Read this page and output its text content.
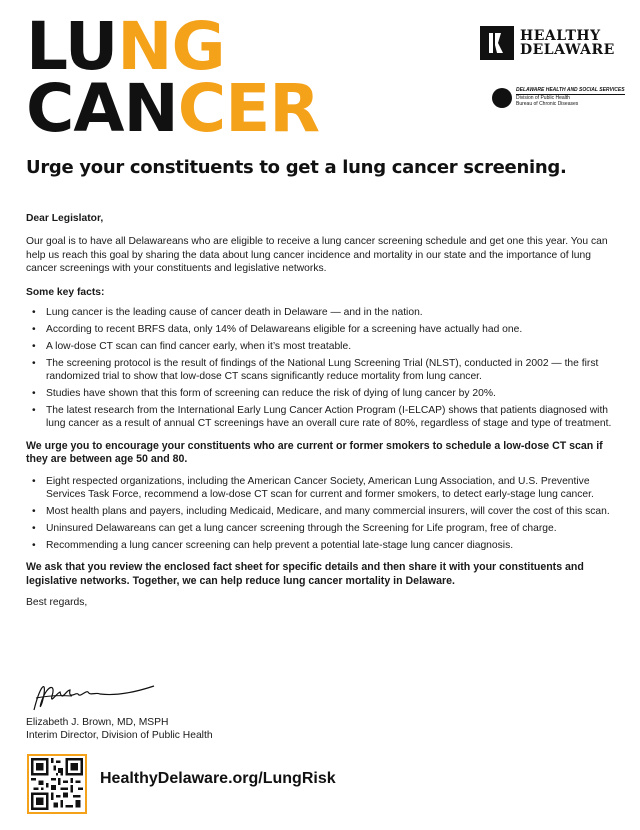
LUNG
CANCER
HEALTHY
DELAWARE
DELAWARE HEALTH AND SOCIAL SERVICES
Division of Public Health
Bureau of Chronic Diseases
Urge your constituents to get a lung cancer screening.
Dear Legislator,

Our goal is to have all Delawareans who are eligible to receive a lung cancer screening schedule and get one this year. You can help us reach this goal by sharing the data about lung cancer incidence and mortality in our state and the importance of lung cancer screenings with your constituents and legislative networks.

Some key facts:
• Lung cancer is the leading cause of cancer death in Delaware — and in the nation.
• According to recent BRFS data, only 14% of Delawareans eligible for a screening have actually had one.
• A low-dose CT scan can find cancer early, when it’s most treatable.
• The screening protocol is the result of findings of the National Lung Screening Trial (NLST), conducted in 2002 — the first randomized trial to show that low-dose CT scans significantly reduce mortality from lung cancer.
• Studies have shown that this form of screening can reduce the risk of dying of lung cancer by 20%.
• The latest research from the International Early Lung Cancer Action Program (I-ELCAP) shows that patients diagnosed with lung cancer as a result of annual CT screenings have an overall cure rate of 80%, regardless of stage and type of treatment.
We urge you to encourage your constituents who are current or former smokers to schedule a low-dose CT scan if they are between age 50 and 80.
• Eight respected organizations, including the American Cancer Society, American Lung Association, and U.S. Preventive Services Task Force, recommend a low-dose CT scan for current and former smokers, to detect early-stage lung cancer.
• Most health plans and payers, including Medicaid, Medicare, and many commercial insurers, will cover the cost of this scan.
• Uninsured Delawareans can get a lung cancer screening through the Screening for Life program, free of charge.
• Recommending a lung cancer screening can help prevent a potential late-stage lung cancer diagnosis.
We ask that you review the enclosed fact sheet for specific details and then share it with your constituents and legislative networks. Together, we can help reduce lung cancer mortality in Delaware.
Best regards,
Elizabeth J. Brown, MD, MSPH
Interim Director, Division of Public Health
HealthyDelaware.org/LungRisk
